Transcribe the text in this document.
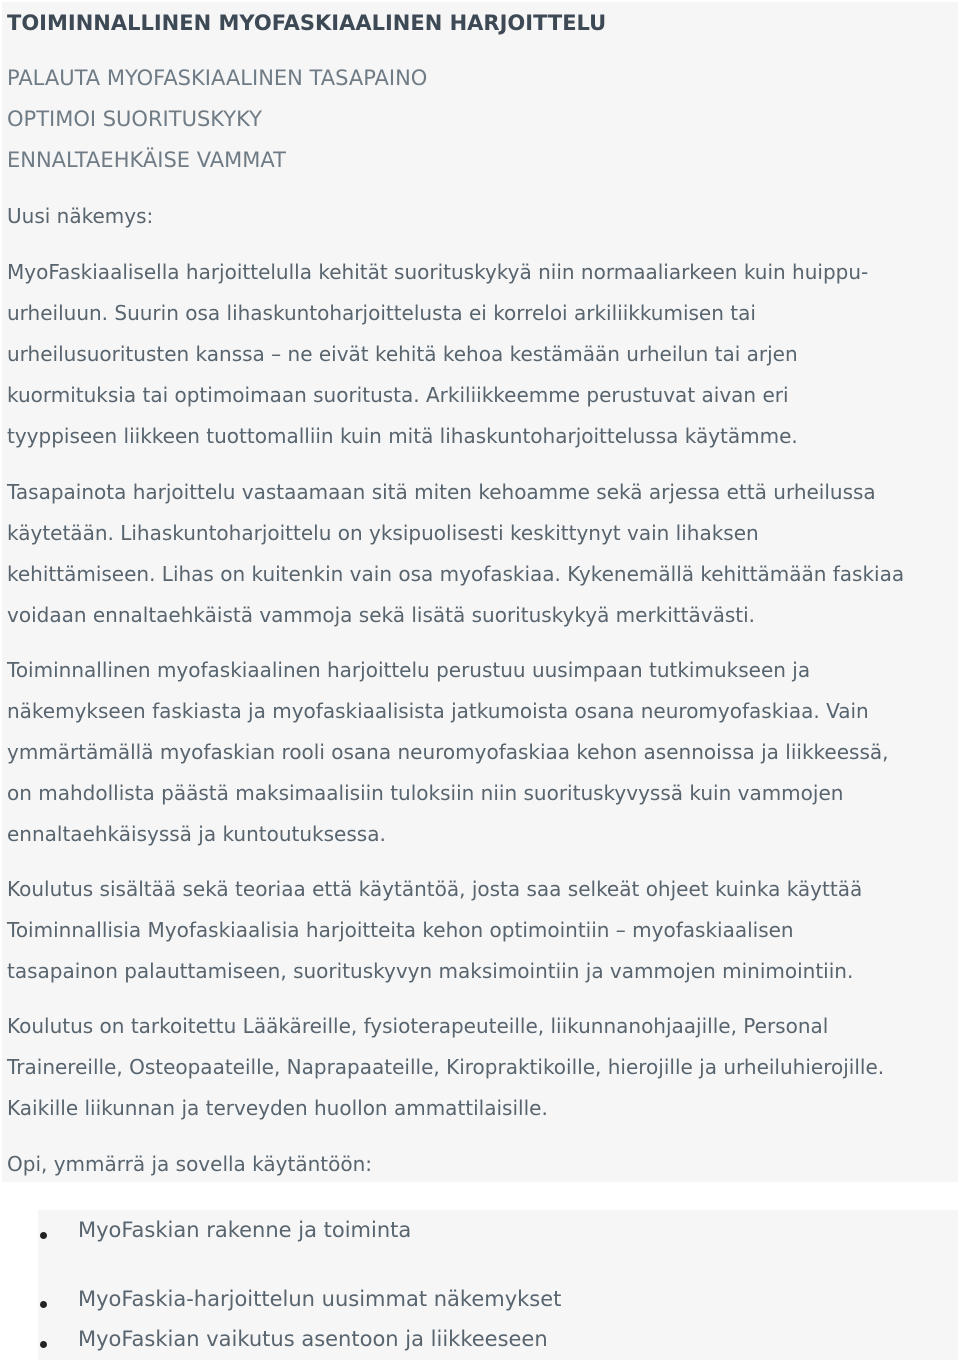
TOIMINNALLINEN MYOFASKIAALINEN HARJOITTELU

PALAUTA MYOFASKIAALINEN TASAPAINO

OPTIMOI SUORITUSKYKY

ENNALTAEHKÄISE VAMMAT

Uusi näkemys:

MyoFaskiaalisella harjoittelulla kehität suorituskykyä niin normaaliarkeen kuin huippu-

urheiluun. Suurin osa lihaskuntoharjoittelusta ei korreloi arkiliikkumisen tai

urheilusuoritusten kanssa – ne eivät kehitä kehoa kestämään urheilun tai arjen

kuormituksia tai optimoimaan suoritusta. Arkiliikkeemme perustuvat aivan eri

tyyppiseen liikkeen tuottomalliin kuin mitä lihaskuntoharjoittelussa käytämme.

Tasapainota harjoittelu vastaamaan sitä miten kehoamme sekä arjessa että urheilussa

käytetään. Lihaskuntoharjoittelu on yksipuolisesti keskittynyt vain lihaksen

kehittämiseen. Lihas on kuitenkin vain osa myofaskiaa. Kykenemällä kehittämään faskiaa

voidaan ennaltaehkäistä vammoja sekä lisätä suorituskykyä merkittävästi.

Toiminnallinen myofaskiaalinen harjoittelu perustuu uusimpaan tutkimukseen ja

näkemykseen faskiasta ja myofaskiaalisista jatkumoista osana neuromyofaskiaa. Vain

ymmärtämällä myofaskian rooli osana neuromyofaskiaa kehon asennoissa ja liikkeessä,

on mahdollista päästä maksimaalisiin tuloksiin niin suorituskyvyssä kuin vammojen

ennaltaehkäisyssä ja kuntoutuksessa.

Koulutus sisältää sekä teoriaa että käytäntöä, josta saa selkeät ohjeet kuinka käyttää

Toiminnallisia Myofaskiaalisia harjoitteita kehon optimointiin – myofaskiaalisen

tasapainon palauttamiseen, suorituskyvyn maksimointiin ja vammojen minimointiin.

Koulutus on tarkoitettu Lääkäreille, fysioterapeuteille, liikunnanohjaajille, Personal

Trainereille, Osteopaateille, Naprapaateille, Kiropraktikoille, hierojille ja urheiluhierojille.

Kaikille liikunnan ja terveyden huollon ammattilaisille.

Opi, ymmärrä ja sovella käytäntöön:

MyoFaskian rakenne ja toiminta

MyoFaskia-harjoittelun uusimmat näkemykset

MyoFaskian vaikutus asentoon ja liikkeeseen
